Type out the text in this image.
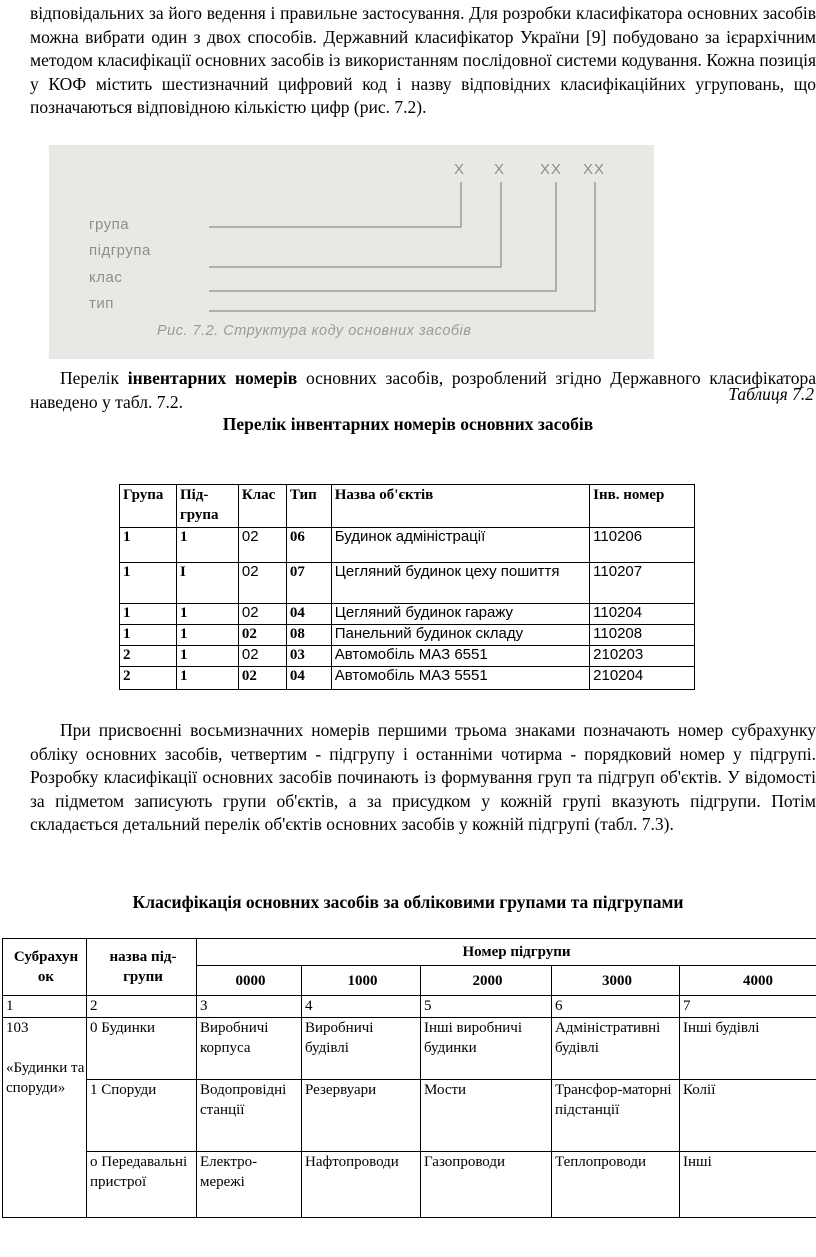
відповідальних за його ведення і правильне застосування. Для розробки класифікатора основних засобів можна вибрати один з двох способів. Державний класифікатор України [9] побудовано за ієрархічним методом класифікації основних засобів із використанням послідовної системи кодування. Кожна позиція у КОФ містить шестизначний цифровий код і назву відповідних класифікаційних угруповань, що позначаються відповідною кількістю цифр (рис. 7.2).
X X XX XX
група
підгрупа
клас
тип
Рис. 7.2. Структура коду основних засобів
Перелік інвентарних номерів основних засобів, розроблений згідно Державного класифікатора наведено у табл. 7.2.	Таблиця 7.2
Перелік інвентарних номерів основних засобів
Група	Під-група	Клас	Тип	Назва об'єктів	Інв. номер
1	1	02	06	Будинок адміністрації	110206
1	I	02	07	Цегляний будинок цеху пошиття	110207
1	1	02	04	Цегляний будинок гаражу	110204
1	1	02	08	Панельний будинок складу	110208
2	1	02	03	Автомобіль МАЗ 6551	210203
2	1	02	04	Автомобіль МАЗ 5551	210204
При присвоєнні восьмизначних номерів першими трьома знаками позначають номер субрахунку обліку основних засобів, четвертим - підгрупу і останніми чотирма - порядковий номер у підгрупі. Розробку класифікації основних засобів починають із формування груп та підгруп об'єктів. У відомості за підметом записують групи об'єктів, а за присудком у кожній групі вказують підгрупи. Потім складається детальний перелік об'єктів основних засобів у кожній підгрупі (табл. 7.3).
Класифікація основних засобів за обліковими групами та підгрупами
Субрахун ок	назва під-групи	Номер підгрупи				
		0000	1000	2000	3000	4000
1	2	3	4	5	6	7

103
«Будинки та споруди»	0 Будинки	Виробничі корпуса	Виробничі будівлі	Інші виробничі будинки	Адміністративні будівлі	Інші будівлі
	1 Споруди	Водопровідні станції	Резервуари	Мости	Трансфор-маторні підстанції	Колії
	о Передавальні пристрої	Електро-мережі	Нафтопроводи	Газопроводи	Теплопроводи	Інші
